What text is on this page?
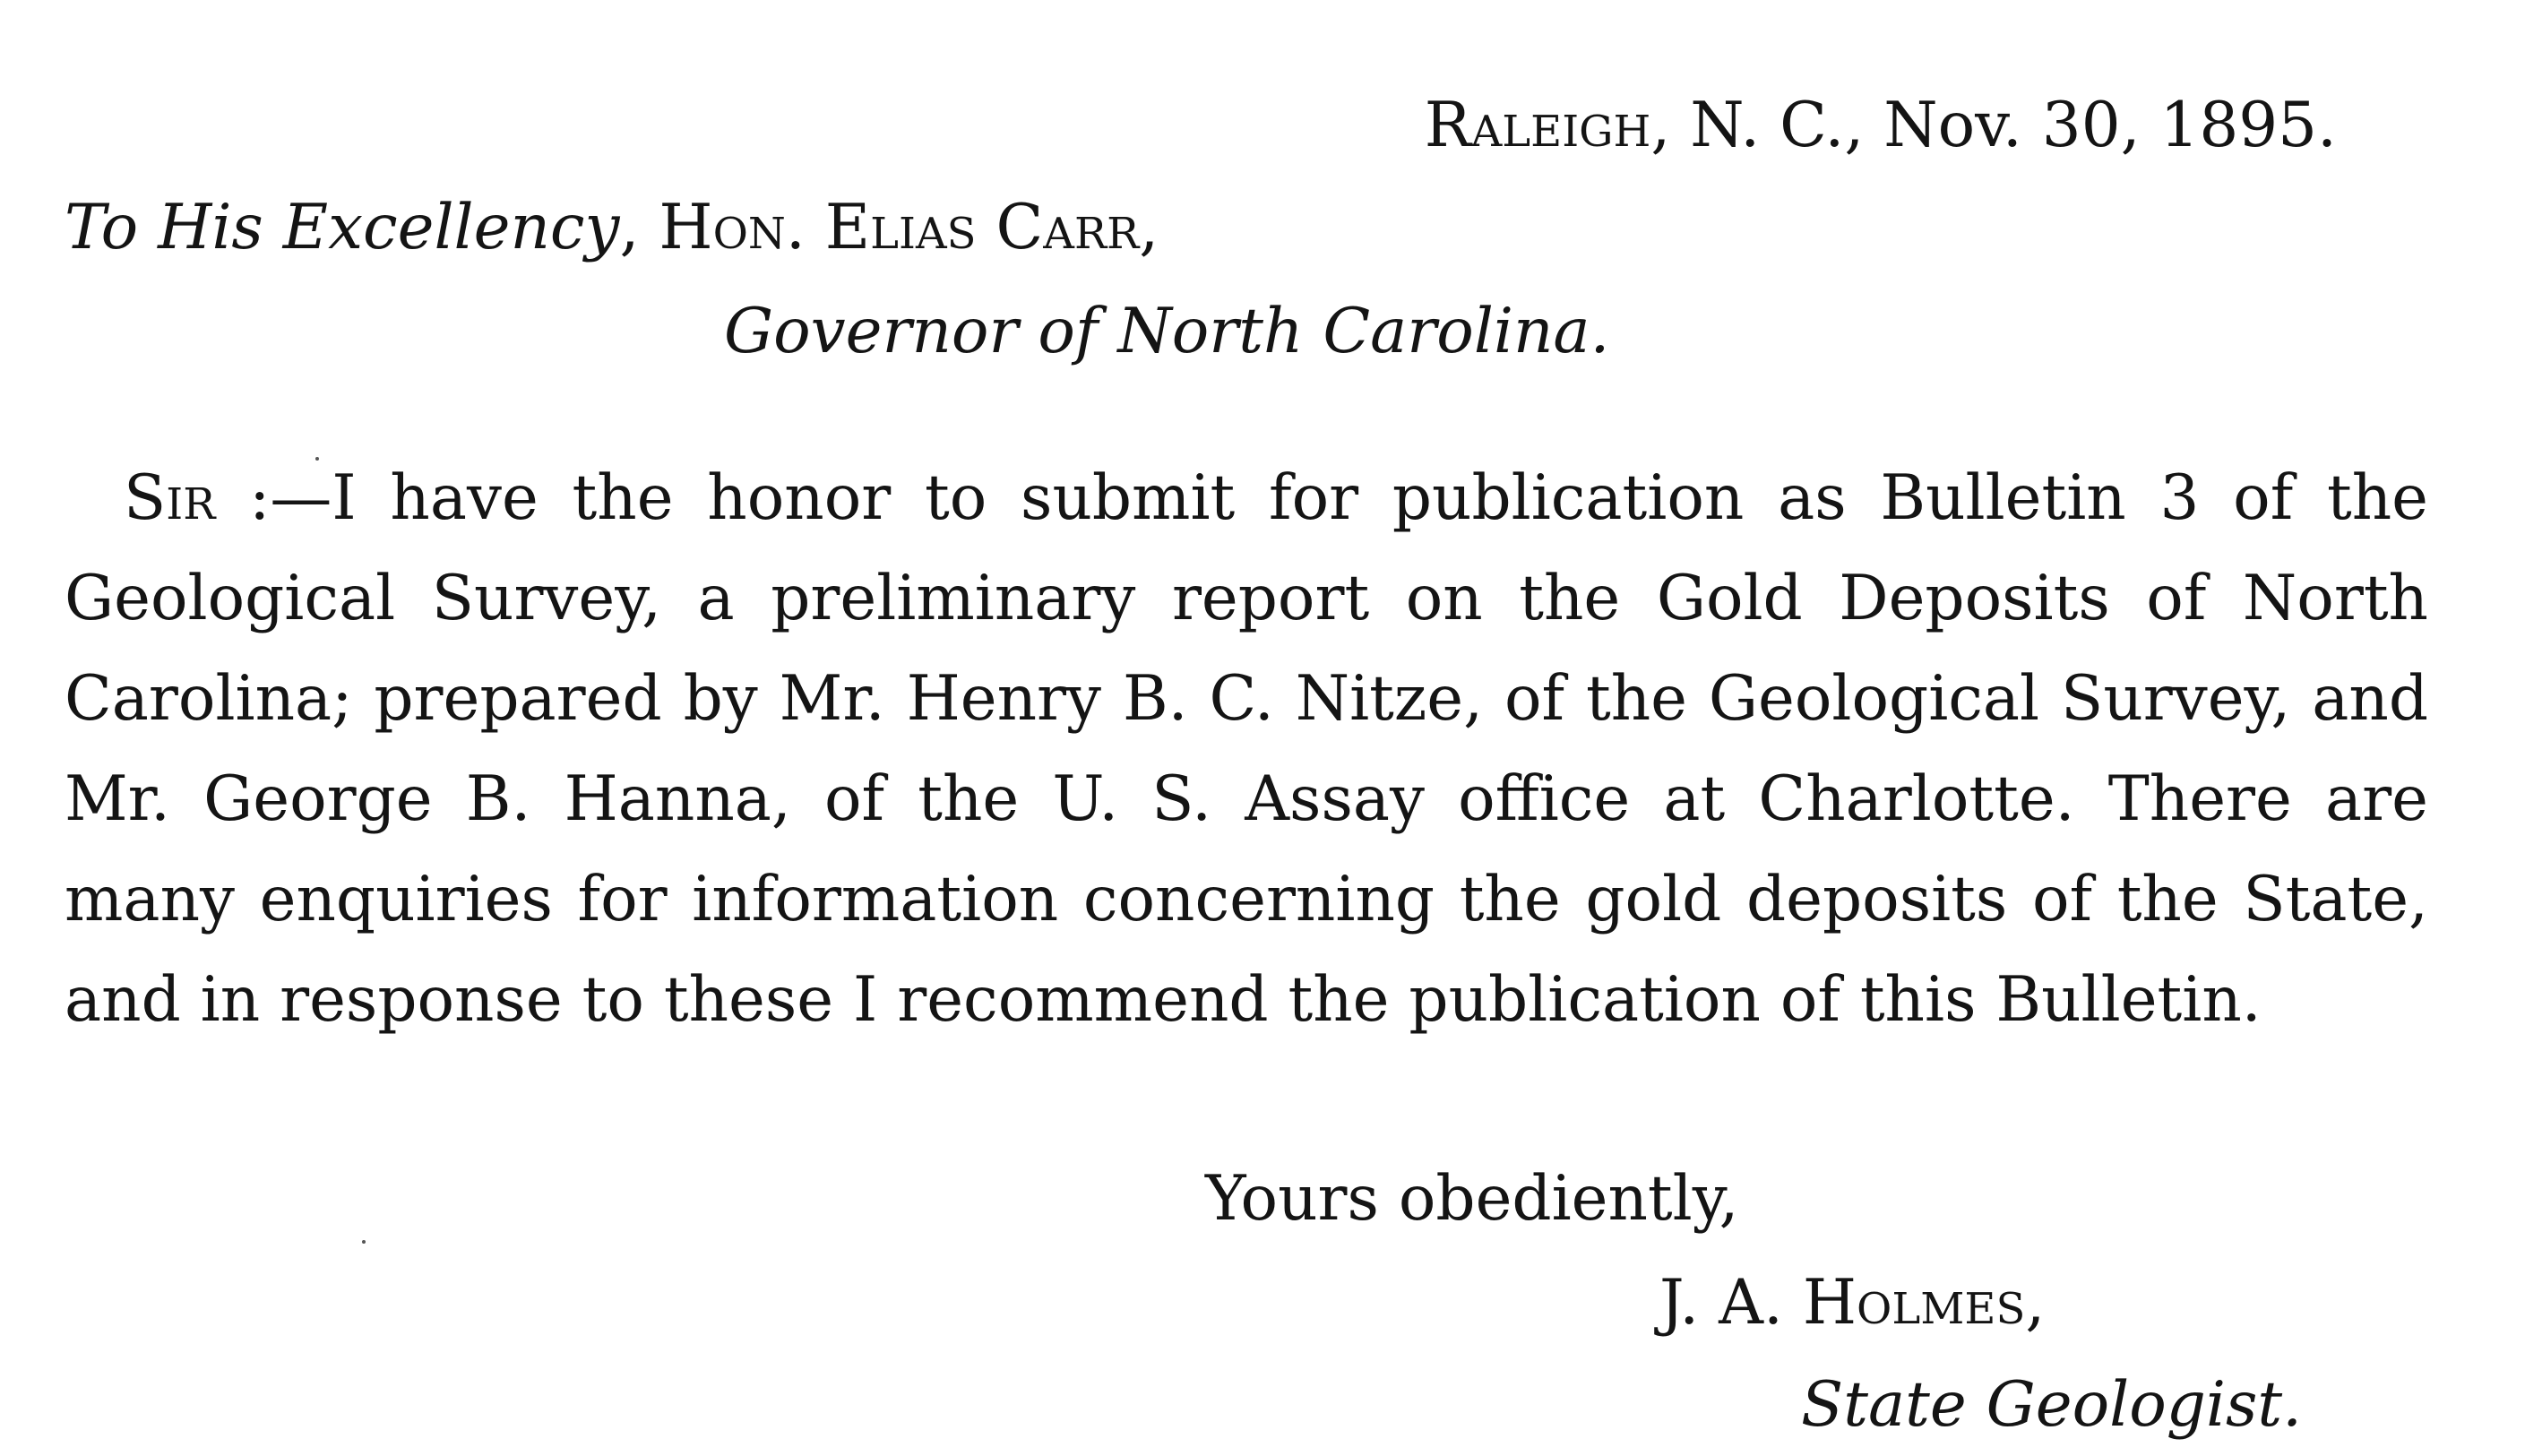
Raleigh, N. C., Nov. 30, 1895.
To His Excellency, Hon. Elias Carr,
Governor of North Carolina.
Sir :—I have the honor to submit for publication as Bulletin 3 of the Geological Survey, a preliminary report on the Gold Deposits of North Carolina; prepared by Mr. Henry B. C. Nitze, of the Geological Survey, and Mr. George B. Hanna, of the U. S. Assay office at Charlotte. There are many enquiries for information concerning the gold deposits of the State, and in response to these I recommend the publication of this Bulletin.
Yours obediently,
J. A. Holmes,
State Geologist.
